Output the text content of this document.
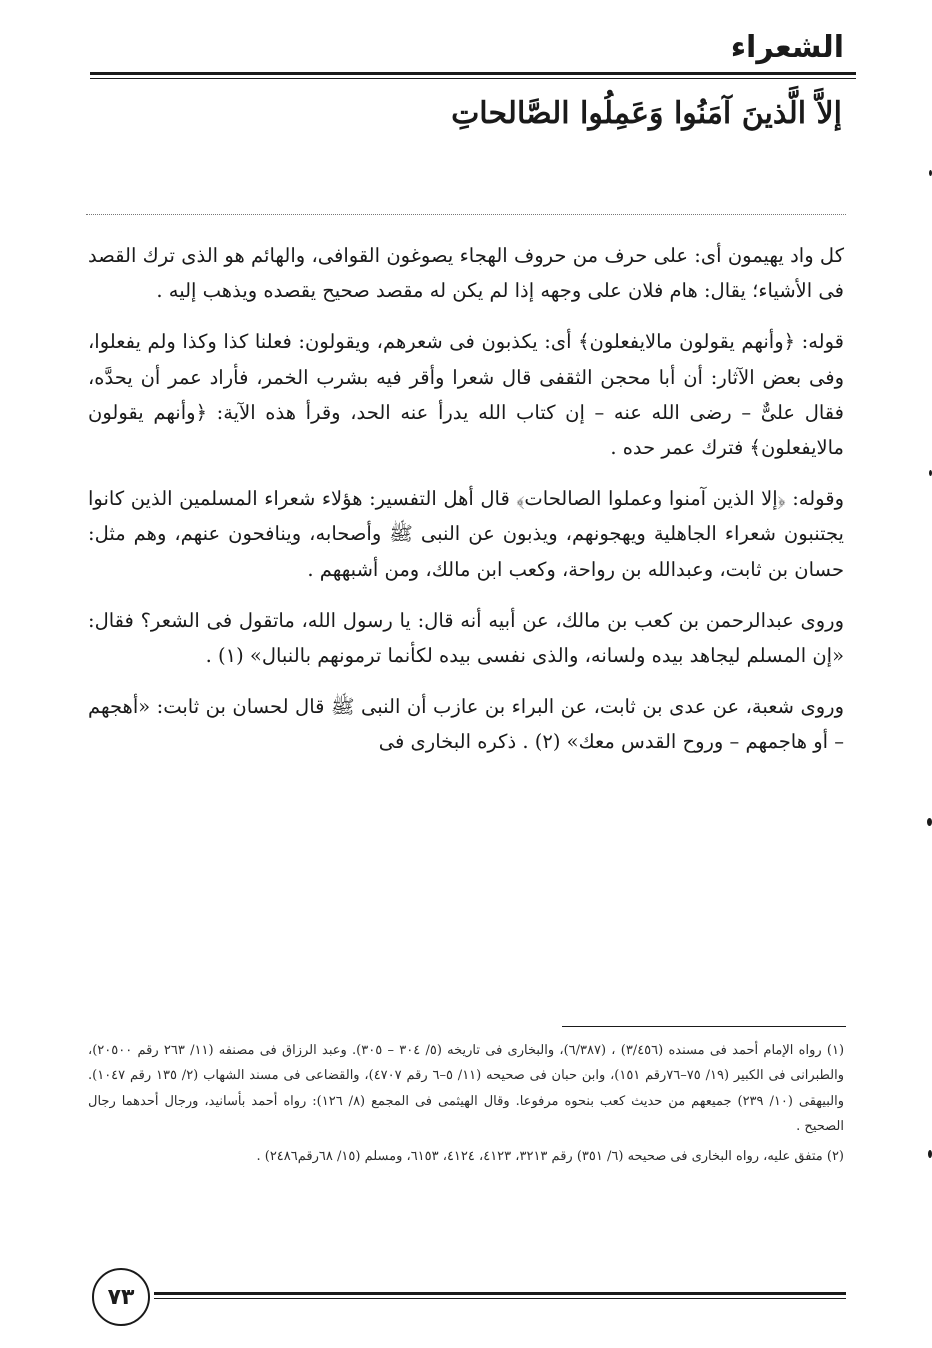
الشعراء
إلاَّ الَّذينَ آمَنُوا وَعَمِلُوا الصَّالحاتِ

كل واد يهيمون أى: على حرف من حروف الهجاء يصوغون القوافى، والهائم هو الذى ترك القصد فى الأشياء؛ يقال: هام فلان على وجهه إذا لم يكن له مقصد صحيح يقصده ويذهب إليه .

قوله: ﴿وأنهم يقولون مالايفعلون﴾ أى: يكذبون فى شعرهم، ويقولون: فعلنا كذا وكذا ولم يفعلوا، وفى بعض الآثار: أن أبا محجن الثقفى قال شعرا وأقر فيه بشرب الخمر، فأراد عمر أن يحدَّه، فقال علىٌّ – رضى الله عنه – إن كتاب الله يدرأ عنه الحد، وقرأ هذه الآية: ﴿وأنهم يقولون مالايفعلون﴾ فترك عمر حده .

وقوله: ﴿إلا الذين آمنوا وعملوا الصالحات﴾ قال أهل التفسير: هؤلاء شعراء المسلمين الذين كانوا يجتنبون شعراء الجاهلية ويهجونهم، ويذبون عن النبى ﷺ وأصحابه، وينافحون عنهم، وهم مثل: حسان بن ثابت، وعبدالله بن رواحة، وكعب ابن مالك، ومن أشبههم .

وروى عبدالرحمن بن كعب بن مالك، عن أبيه أنه قال: يا رسول الله، ماتقول فى الشعر؟ فقال: «إن المسلم ليجاهد بيده ولسانه، والذى نفسى بيده لكأنما ترمونهم بالنبال» (١) .

وروى شعبة، عن عدى بن ثابت، عن البراء بن عازب أن النبى ﷺ قال لحسان بن ثابت: «أهجهم – أو هاجمهم – وروح القدس معك» (٢) . ذكره البخارى فى

(١) رواه الإمام أحمد فى مسنده (٣/٤٥٦) ، (٦/٣٨٧)، والبخارى فى تاريخه (٥/ ٣٠٤ – ٣٠٥). وعبد الرزاق فى مصنفه (١١/ ٢٦٣ رقم ٢٠٥٠٠)، والطبرانى فى الكبير (١٩/ ٧٥–٧٦رقم ١٥١)، وابن حبان فى صحيحه (١١/ ٥–٦ رقم ٤٧٠٧)، والقضاعى فى مسند الشهاب (٢/ ١٣٥ رقم ١٠٤٧). والبيهقى (١٠/ ٢٣٩) جميعهم من حديث كعب بنحوه مرفوعا. وقال الهيثمى فى المجمع (٨/ ١٢٦): رواه أحمد بأسانيد، ورجال أحدهما رجال الصحيح .

(٢) متفق عليه، رواه البخارى فى صحيحه (٦/ ٣٥١) رقم ٣٢١٣، ٤١٢٣، ٤١٢٤، ٦١٥٣، ومسلم (١٥/ ٦٨رقم٢٤٨٦) .

٧٣
